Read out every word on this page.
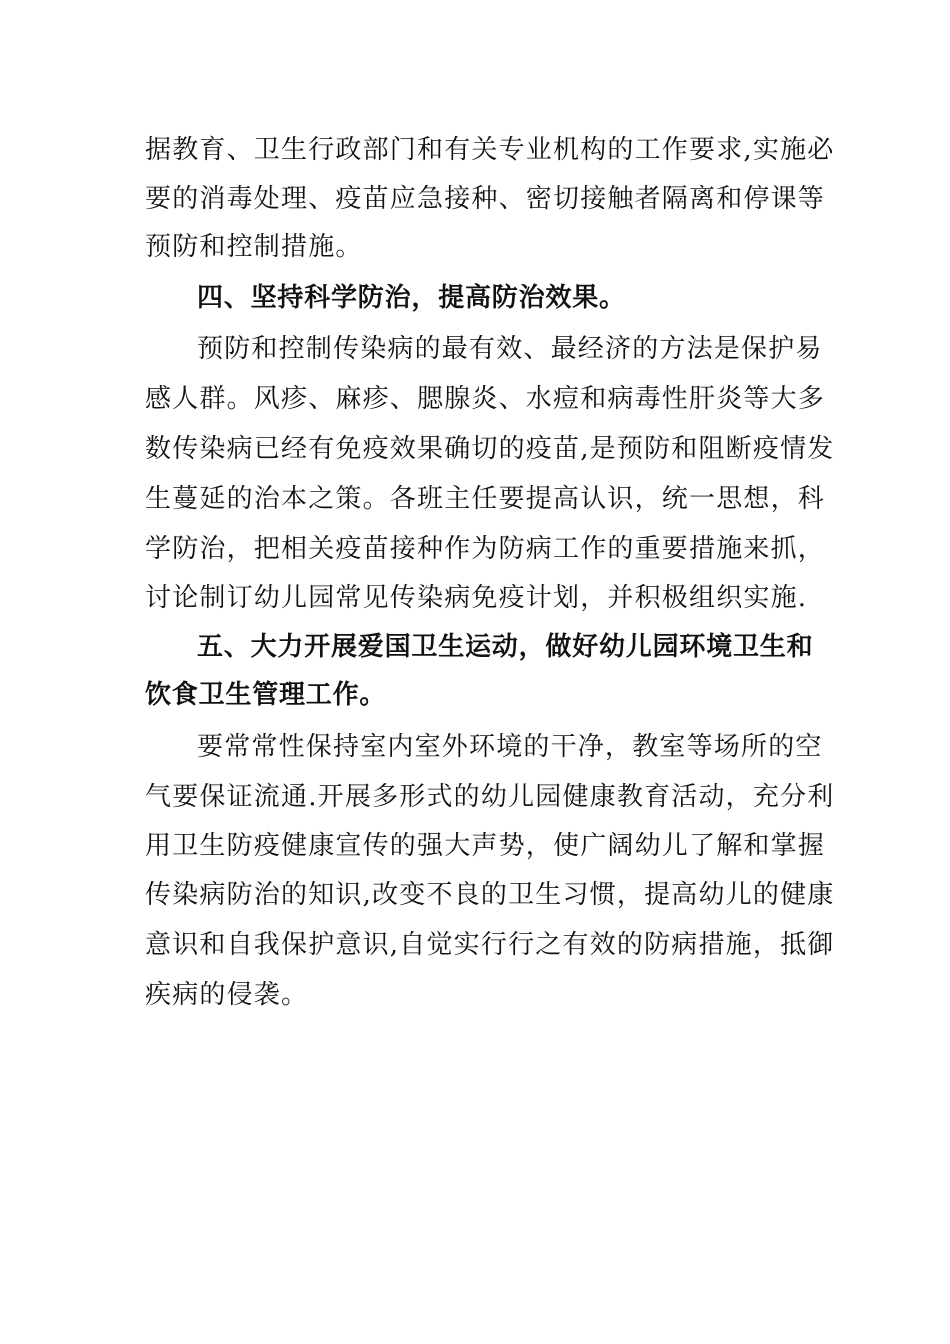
据教育、卫生行政部门和有关专业机构的工作要求,实施必
要的消毒处理、疫苗应急接种、密切接触者隔离和停课等
预防和控制措施。
四、坚持科学防治，提高防治效果。
预防和控制传染病的最有效、最经济的方法是保护易
感人群。风疹、麻疹、腮腺炎、水痘和病毒性肝炎等大多
数传染病已经有免疫效果确切的疫苗,是预防和阻断疫情发
生蔓延的治本之策。各班主任要提高认识，统一思想，科
学防治，把相关疫苗接种作为防病工作的重要措施来抓，
讨论制订幼儿园常见传染病免疫计划，并积极组织实施.
五、大力开展爱国卫生运动，做好幼儿园环境卫生和
饮食卫生管理工作。
要常常性保持室内室外环境的干净，教室等场所的空
气要保证流通.开展多形式的幼儿园健康教育活动，充分利
用卫生防疫健康宣传的强大声势，使广阔幼儿了解和掌握
传染病防治的知识,改变不良的卫生习惯，提高幼儿的健康
意识和自我保护意识,自觉实行行之有效的防病措施，抵御
疾病的侵袭。
